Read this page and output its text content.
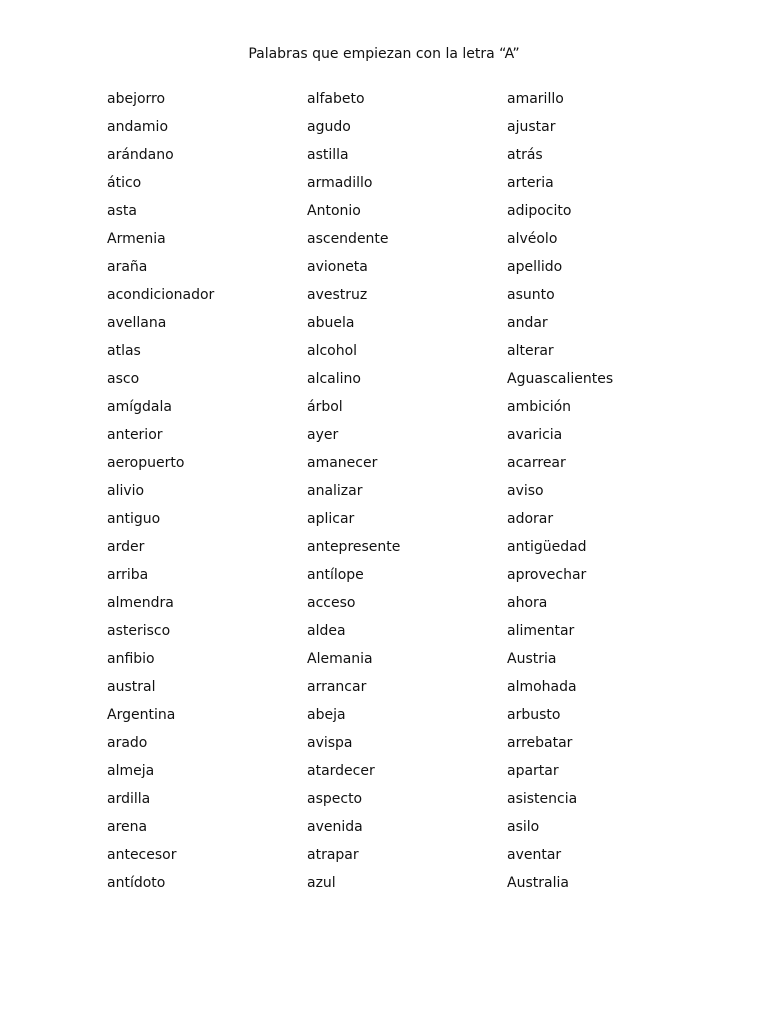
Palabras que empiezan con la letra “A”
abejorro
andamio
arándano
ático
asta
Armenia
araña
acondicionador
avellana
atlas
asco
amígdala
anterior
aeropuerto
alivio
antiguo
arder
arriba
almendra
asterisco
anfibio
austral
Argentina
arado
almeja
ardilla
arena
antecesor
antídoto
alfabeto
agudo
astilla
armadillo
Antonio
ascendente
avioneta
avestruz
abuela
alcohol
alcalino
árbol
ayer
amanecer
analizar
aplicar
antepresente
antílope
acceso
aldea
Alemania
arrancar
abeja
avispa
atardecer
aspecto
avenida
atrapar
azul
amarillo
ajustar
atrás
arteria
adipocito
alvéolo
apellido
asunto
andar
alterar
Aguascalientes
ambición
avaricia
acarrear
aviso
adorar
antigüedad
aprovechar
ahora
alimentar
Austria
almohada
arbusto
arrebatar
apartar
asistencia
asilo
aventar
Australia
